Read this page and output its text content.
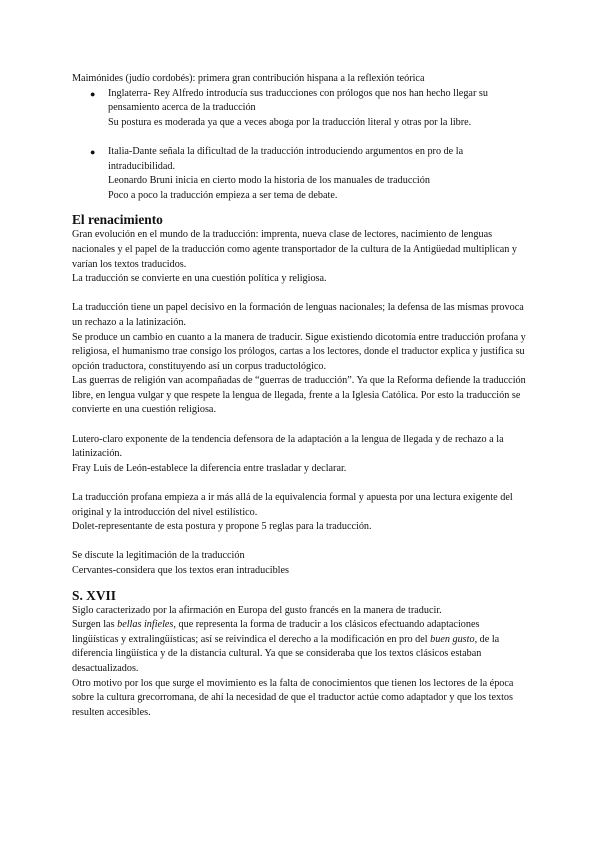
Maimónides (judío cordobés): primera gran contribución hispana a la reflexión teórica

● Inglaterra- Rey Alfredo introducía sus traducciones con prólogos que nos han hecho llegar su pensamiento acerca de la traducción

Su postura es moderada ya que a veces aboga por la traducción literal y otras por la libre.

● Italia-Dante señala la dificultad de la traducción introduciendo argumentos en pro de la intraducibilidad.

Leonardo Bruni inicia en cierto modo la historia de los manuales de traducción

Poco a poco la traducción empieza a ser tema de debate.

El renacimiento

Gran evolución en el mundo de la traducción: imprenta, nueva clase de lectores, nacimiento de lenguas nacionales y el papel de la traducción como agente transportador de la cultura de la Antigüedad multiplican y varían los textos traducidos.

La traducción se convierte en una cuestión política y religiosa.

La traducción tiene un papel decisivo en la formación de lenguas nacionales; la defensa de las mismas provoca un rechazo a la latinización.

Se produce un cambio en cuanto a la manera de traducir. Sigue existiendo dicotomía entre traducción profana y religiosa, el humanismo trae consigo los prólogos, cartas a los lectores, donde el traductor explica y justifica su opción traductora, constituyendo así un corpus traductológico.

Las guerras de religión van acompañadas de “guerras de traducción”. Ya que la Reforma defiende la traducción libre, en lengua vulgar y que respete la lengua de llegada, frente a la Iglesia Católica. Por esto la traducción se convierte en una cuestión religiosa.

Lutero-claro exponente de la tendencia defensora de la adaptación a la lengua de llegada y de rechazo a la latinización.

Fray Luis de León-establece la diferencia entre trasladar y declarar.

La traducción profana empieza a ir más allá de la equivalencia formal y apuesta por una lectura exigente del original y la introducción del nivel estilístico.

Dolet-representante de esta postura y propone 5 reglas para la traducción.

Se discute la legitimación de la traducción

Cervantes-considera que los textos eran intraducibles

S. XVII

Siglo caracterizado por la afirmación en Europa del gusto francés en la manera de traducir.

Surgen las bellas infieles, que representa la forma de traducir a los clásicos efectuando adaptaciones lingüísticas y extralingüísticas; así se reivindica el derecho a la modificación en pro del buen gusto, de la diferencia lingüística y de la distancia cultural. Ya que se consideraba que los textos clásicos estaban desactualizados.

Otro motivo por los que surge el movimiento es la falta de conocimientos que tienen los lectores de la época sobre la cultura grecorromana, de ahí la necesidad de que el traductor actúe como adaptador y que los textos resulten accesibles.
